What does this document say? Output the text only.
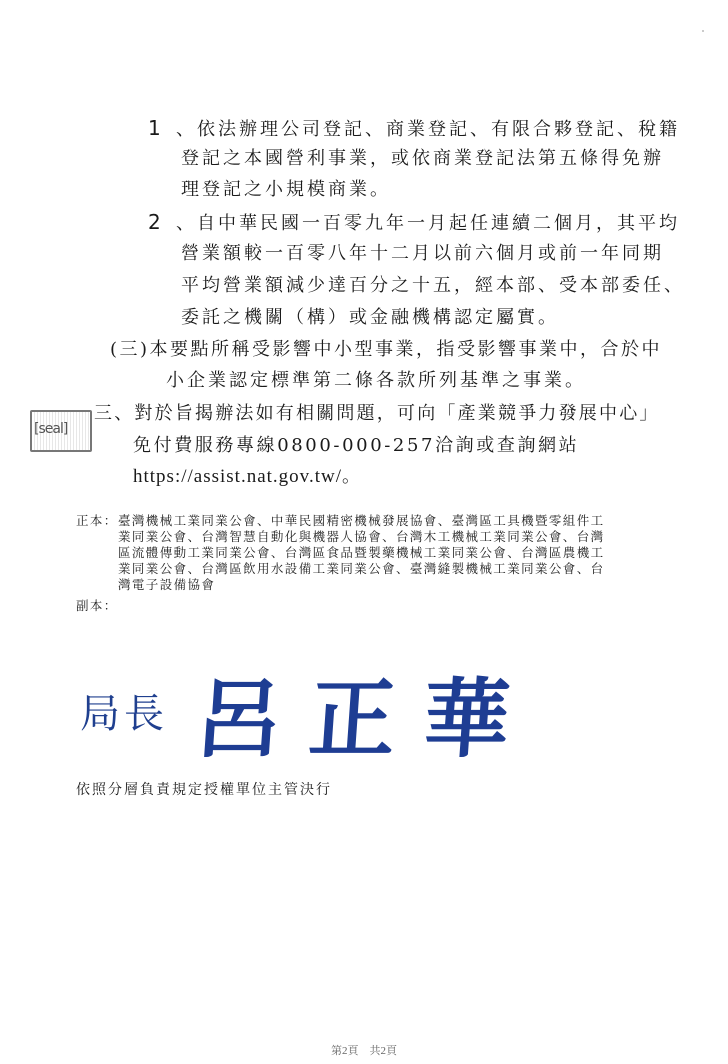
1 、依法辦理公司登記、商業登記、有限合夥登記、稅籍
登記之本國營利事業，或依商業登記法第五條得免辦
理登記之小規模商業。
2 、自中華民國一百零九年一月起任連續二個月，其平均
營業額較一百零八年十二月以前六個月或前一年同期
平均營業額減少達百分之十五，經本部、受本部委任、
委託之機關（構）或金融機構認定屬實。
(三)本要點所稱受影響中小型事業，指受影響事業中，合於中
小企業認定標準第二條各款所列基準之事業。
[seal]
三、對於旨揭辦法如有相關問題，可向「產業競爭力發展中心」
免付費服務專線0800-000-257洽詢或查詢網站
https://assist.nat.gov.tw/。
正本： 臺灣機械工業同業公會、中華民國精密機械發展協會、臺灣區工具機暨零組件工
業同業公會、台灣智慧自動化與機器人協會、台灣木工機械工業同業公會、台灣
區流體傳動工業同業公會、台灣區食品暨製藥機械工業同業公會、台灣區農機工
業同業公會、台灣區飲用水設備工業同業公會、臺灣縫製機械工業同業公會、台
灣電子設備協會
副本：
局長 呂正華
依照分層負責規定授權單位主管決行
第2頁　共2頁
